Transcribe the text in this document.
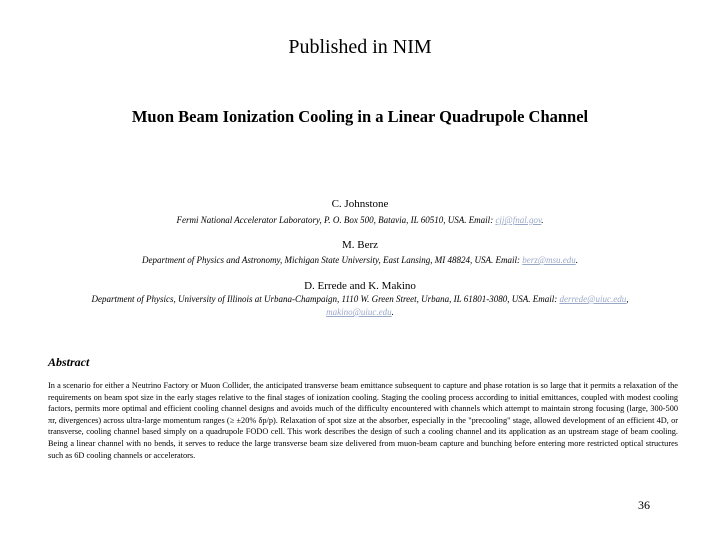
Published in NIM
Muon Beam Ionization Cooling in a Linear Quadrupole Channel
C. Johnstone
Fermi National Accelerator Laboratory, P. O. Box 500, Batavia, IL 60510, USA. Email: cjj@fnal.gov.
M. Berz
Department of Physics and Astronomy, Michigan State University, East Lansing, MI 48824, USA. Email: berz@msu.edu.
D. Errede and K. Makino
Department of Physics, University of Illinois at Urbana-Champaign, 1110 W. Green Street, Urbana, IL 61801-3080, USA. Email: derrede@uiuc.edu,
makino@uiuc.edu.
Abstract
In a scenario for either a Neutrino Factory or Muon Collider, the anticipated transverse beam emittance subsequent to capture and phase rotation is so large that it permits a relaxation of the requirements on beam spot size in the early stages relative to the final stages of ionization cooling. Staging the cooling process according to initial emittances, coupled with modest cooling factors, permits more optimal and efficient cooling channel designs and avoids much of the difficulty encountered with channels which attempt to maintain strong focusing (large, 300-500 πr, divergences) across ultra-large momentum ranges (≥ ±20% δp/p). Relaxation of spot size at the absorber, especially in the "precooling" stage, allowed development of an efficient 4D, or transverse, cooling channel based simply on a quadrupole FODO cell. This work describes the design of such a cooling channel and its application as an upstream stage of beam cooling. Being a linear channel with no bends, it serves to reduce the large transverse beam size delivered from muon-beam capture and bunching before entering more restricted optical structures such as 6D cooling channels or accelerators.
36
